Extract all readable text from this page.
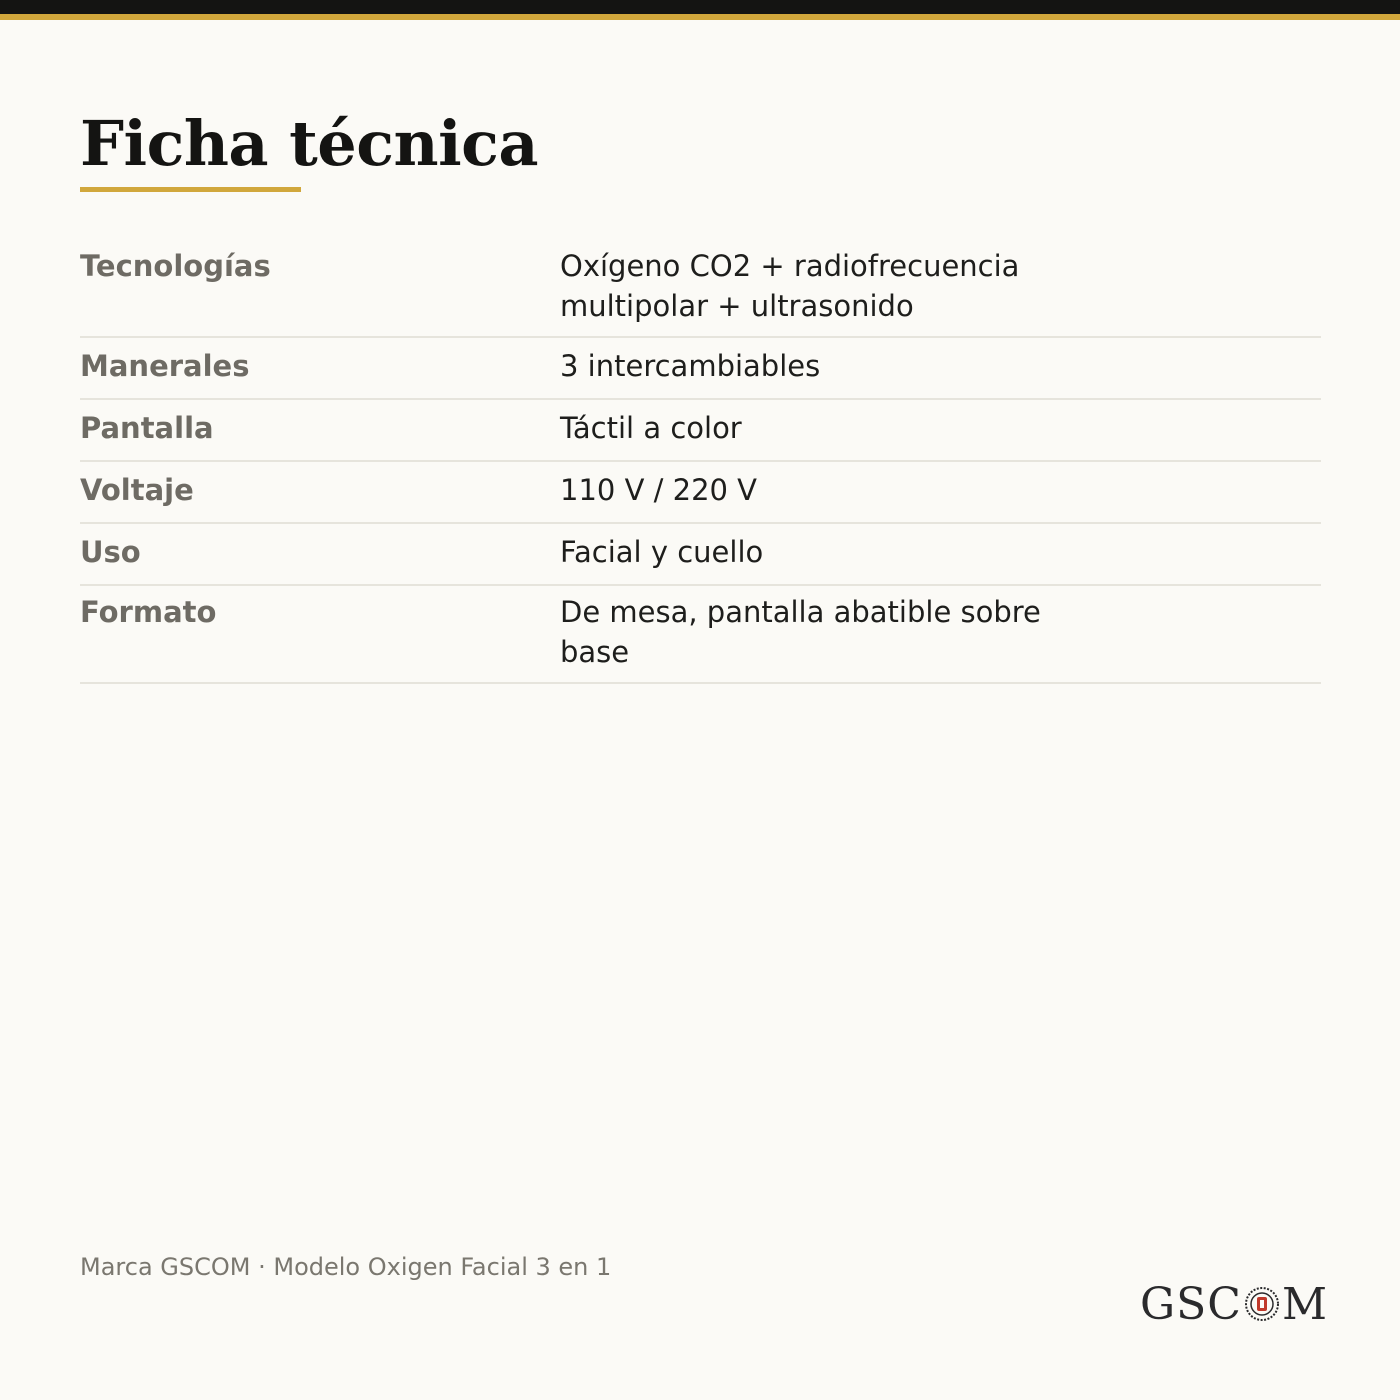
Ficha técnica
Tecnologías	Oxígeno CO2 + radiofrecuencia
multipolar + ultrasonido
Manerales	3 intercambiables
Pantalla	Táctil a color
Voltaje	110 V / 220 V
Uso	Facial y cuello
Formato	De mesa, pantalla abatible sobre
base
Marca GSCOM · Modelo Oxigen Facial 3 en 1
GSC M
